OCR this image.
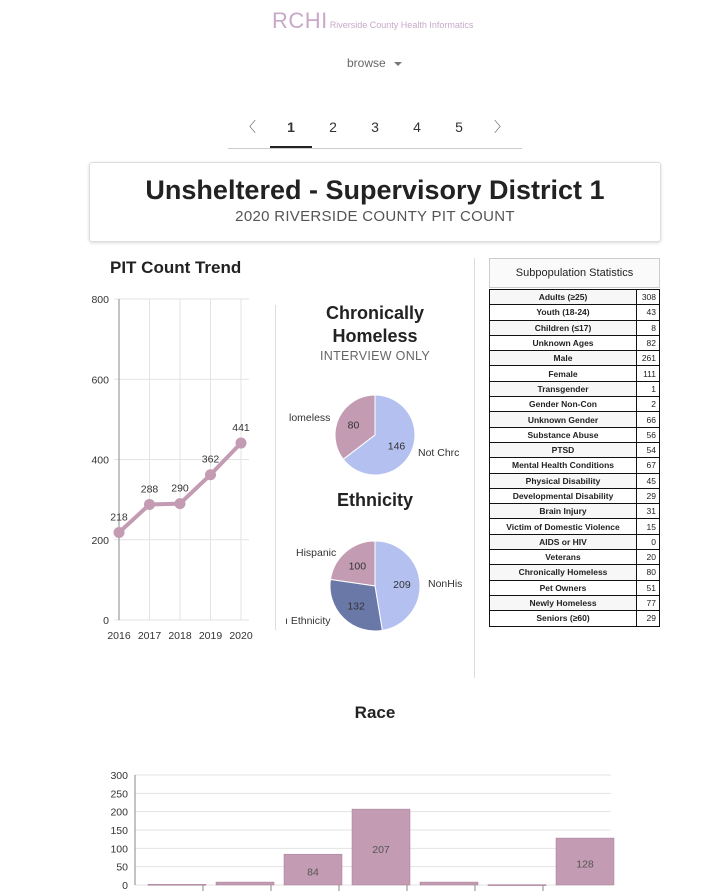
RCHI Riverside County Health Informatics
browse
〈	1	2	3	4	5	〉
Unsheltered - Supervisory District 1
2020 RIVERSIDE COUNTY PIT COUNT
PIT Count Trend
0
200
400
600
800
2016 2017 2018 2019 2020
218
288 290
362
441
Chronically
Homeless
INTERVIEW ONLY
80
146
lomeless
Not Chrc
Ethnicity
100
209
132
Hispanic
NonHis
ı Ethnicity
Subpopulation Statistics
Adults (≥25)	308
Youth (18-24)	43
Children (≤17)	8
Unknown Ages	82
Male	261
Female	111
Transgender	1
Gender Non-Con	2
Unknown Gender	66
Substance Abuse	56
PTSD	54
Mental Health Conditions	67
Physical Disability	45
Developmental Disability	29
Brain Injury	31
Victim of Domestic Violence	15
AIDS or HIV	0
Veterans	20
Chronically Homeless	80
Pet Owners	51
Newly Homeless	77
Seniors (≥60)	29
Race
0
50
100
150
200
250
300
84
207
128
